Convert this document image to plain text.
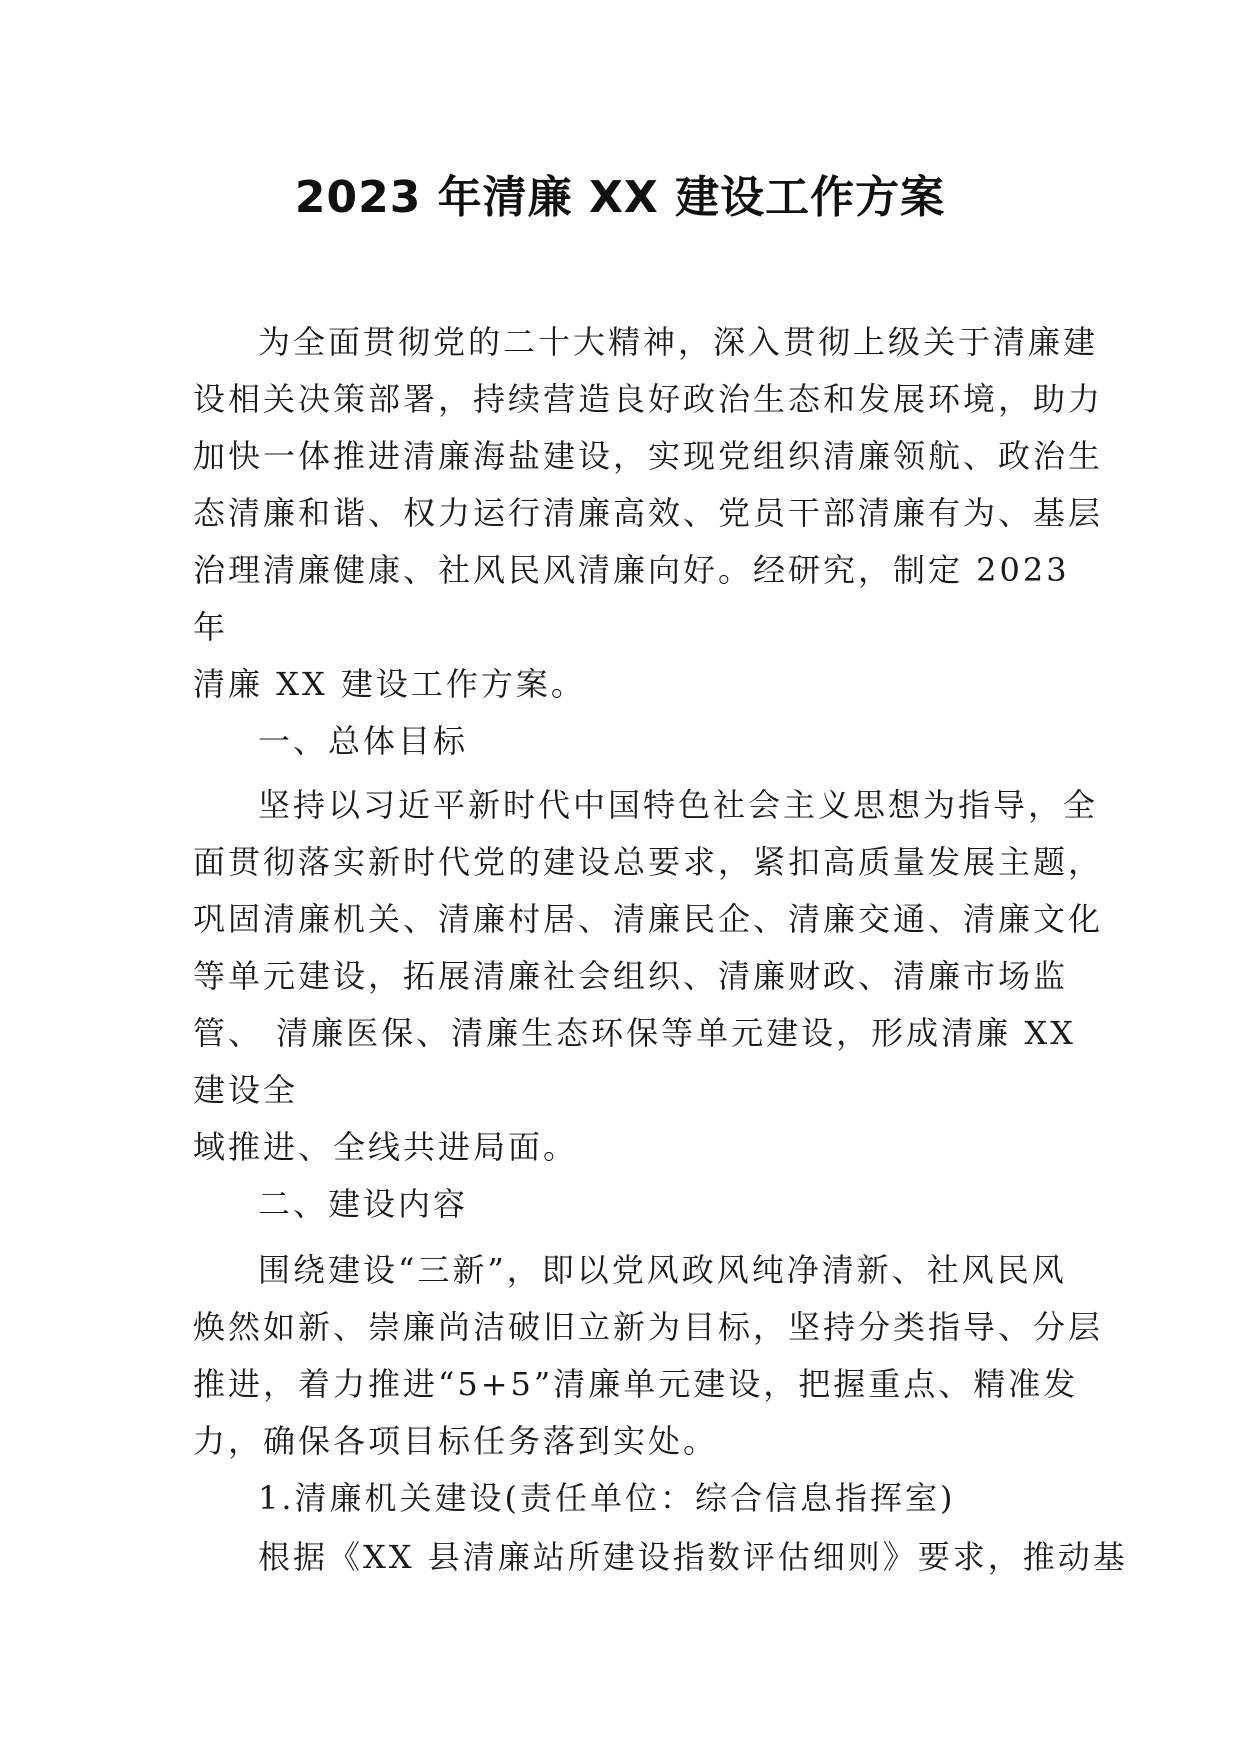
2023 年清廉 XX 建设工作方案
为全面贯彻党的二十大精神，深入贯彻上级关于清廉建
设相关决策部署，持续营造良好政治生态和发展环境，助力
加快一体推进清廉海盐建设，实现党组织清廉领航、政治生
态清廉和谐、权力运行清廉高效、党员干部清廉有为、基层
治理清廉健康、社风民风清廉向好。经研究，制定 2023
年
清廉 XX 建设工作方案。
一、总体目标
坚持以习近平新时代中国特色社会主义思想为指导，全
面贯彻落实新时代党的建设总要求，紧扣高质量发展主题，
巩固清廉机关、清廉村居、清廉民企、清廉交通、清廉文化
等单元建设，拓展清廉社会组织、清廉财政、清廉市场监
管、 清廉医保、清廉生态环保等单元建设，形成清廉 XX
建设全
域推进、全线共进局面。
二、建设内容
围绕建设“三新”，即以党风政风纯净清新、社风民风
焕然如新、崇廉尚洁破旧立新为目标，坚持分类指导、分层
推进，着力推进“5+5”清廉单元建设，把握重点、精准发
力，确保各项目标任务落到实处。
1.清廉机关建设(责任单位：综合信息指挥室)
根据《XX 县清廉站所建设指数评估细则》要求，推动基
